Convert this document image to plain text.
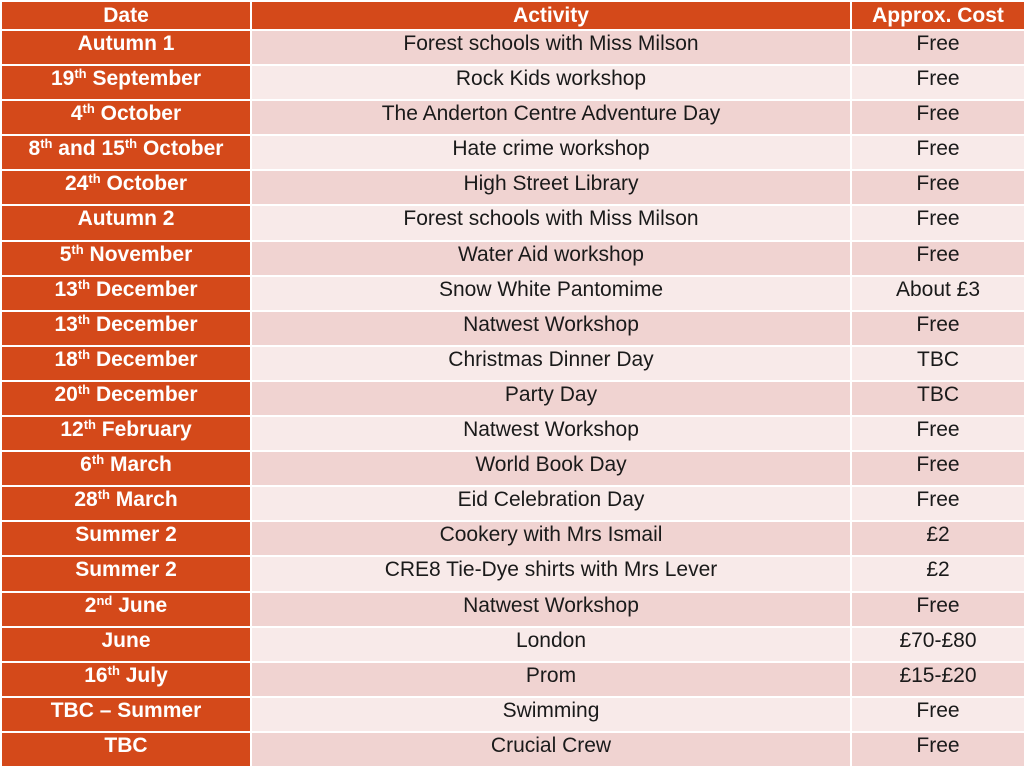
Date	Activity	Approx. Cost
Autumn 1	Forest schools with Miss Milson	Free
19th September	Rock Kids workshop	Free
4th October	The Anderton Centre Adventure Day	Free
8th and 15th October	Hate crime workshop	Free
24th October	High Street Library	Free
Autumn 2	Forest schools with Miss Milson	Free
5th November	Water Aid workshop	Free
13th December	Snow White Pantomime	About £3
13th December	Natwest Workshop	Free
18th December	Christmas Dinner Day	TBC
20th December	Party Day	TBC
12th February	Natwest Workshop	Free
6th March	World Book Day	Free
28th March	Eid Celebration Day	Free
Summer 2	Cookery with Mrs Ismail	£2
Summer 2	CRE8 Tie-Dye shirts with Mrs Lever	£2
2nd June	Natwest Workshop	Free
June	London	£70-£80
16th July	Prom	£15-£20
TBC – Summer	Swimming	Free
TBC	Crucial Crew	Free
